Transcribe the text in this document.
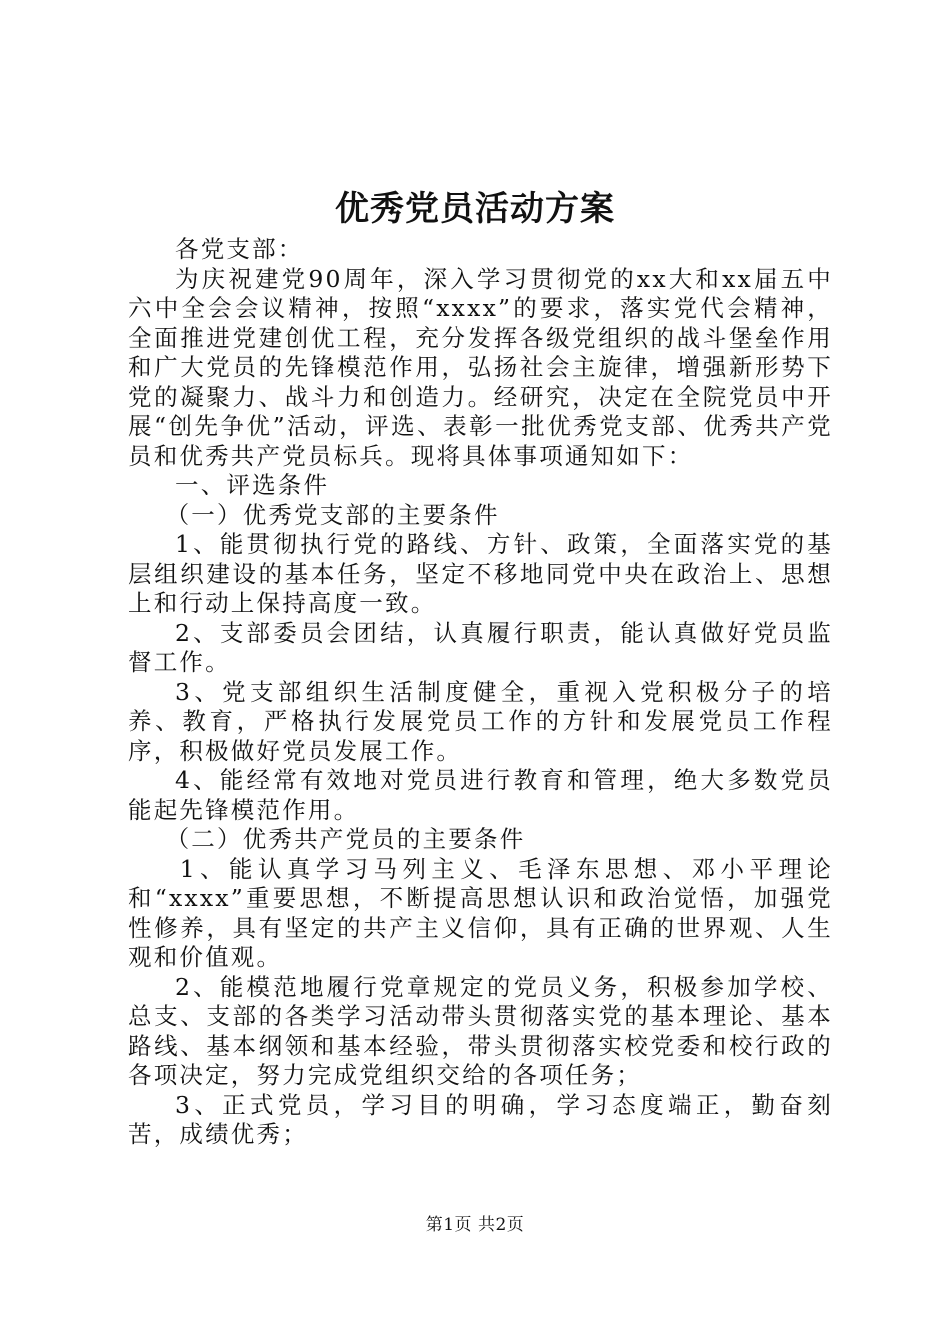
优秀党员活动方案

各党支部：

为庆祝建党90周年，深入学习贯彻党的xx大和xx届五中六中全会会议精神，按照“xxxx”的要求，落实党代会精神，全面推进党建创优工程，充分发挥各级党组织的战斗堡垒作用和广大党员的先锋模范作用，弘扬社会主旋律，增强新形势下党的凝聚力、战斗力和创造力。经研究，决定在全院党员中开展“创先争优”活动，评选、表彰一批优秀党支部、优秀共产党员和优秀共产党员标兵。现将具体事项通知如下：

一、评选条件

（一）优秀党支部的主要条件

1、能贯彻执行党的路线、方针、政策，全面落实党的基层组织建设的基本任务，坚定不移地同党中央在政治上、思想上和行动上保持高度一致。

2、支部委员会团结，认真履行职责，能认真做好党员监督工作。

3、党支部组织生活制度健全，重视入党积极分子的培养、教育，严格执行发展党员工作的方针和发展党员工作程序，积极做好党员发展工作。

4、能经常有效地对党员进行教育和管理，绝大多数党员能起先锋模范作用。

（二）优秀共产党员的主要条件

1、能认真学习马列主义、毛泽东思想、邓小平理论和“xxxx”重要思想，不断提高思想认识和政治觉悟，加强党性修养，具有坚定的共产主义信仰，具有正确的世界观、人生观和价值观。

2、能模范地履行党章规定的党员义务，积极参加学校、总支、支部的各类学习活动带头贯彻落实党的基本理论、基本路线、基本纲领和基本经验，带头贯彻落实校党委和校行政的各项决定，努力完成党组织交给的各项任务；

3、正式党员，学习目的明确，学习态度端正，勤奋刻苦，成绩优秀；

第1页 共2页
